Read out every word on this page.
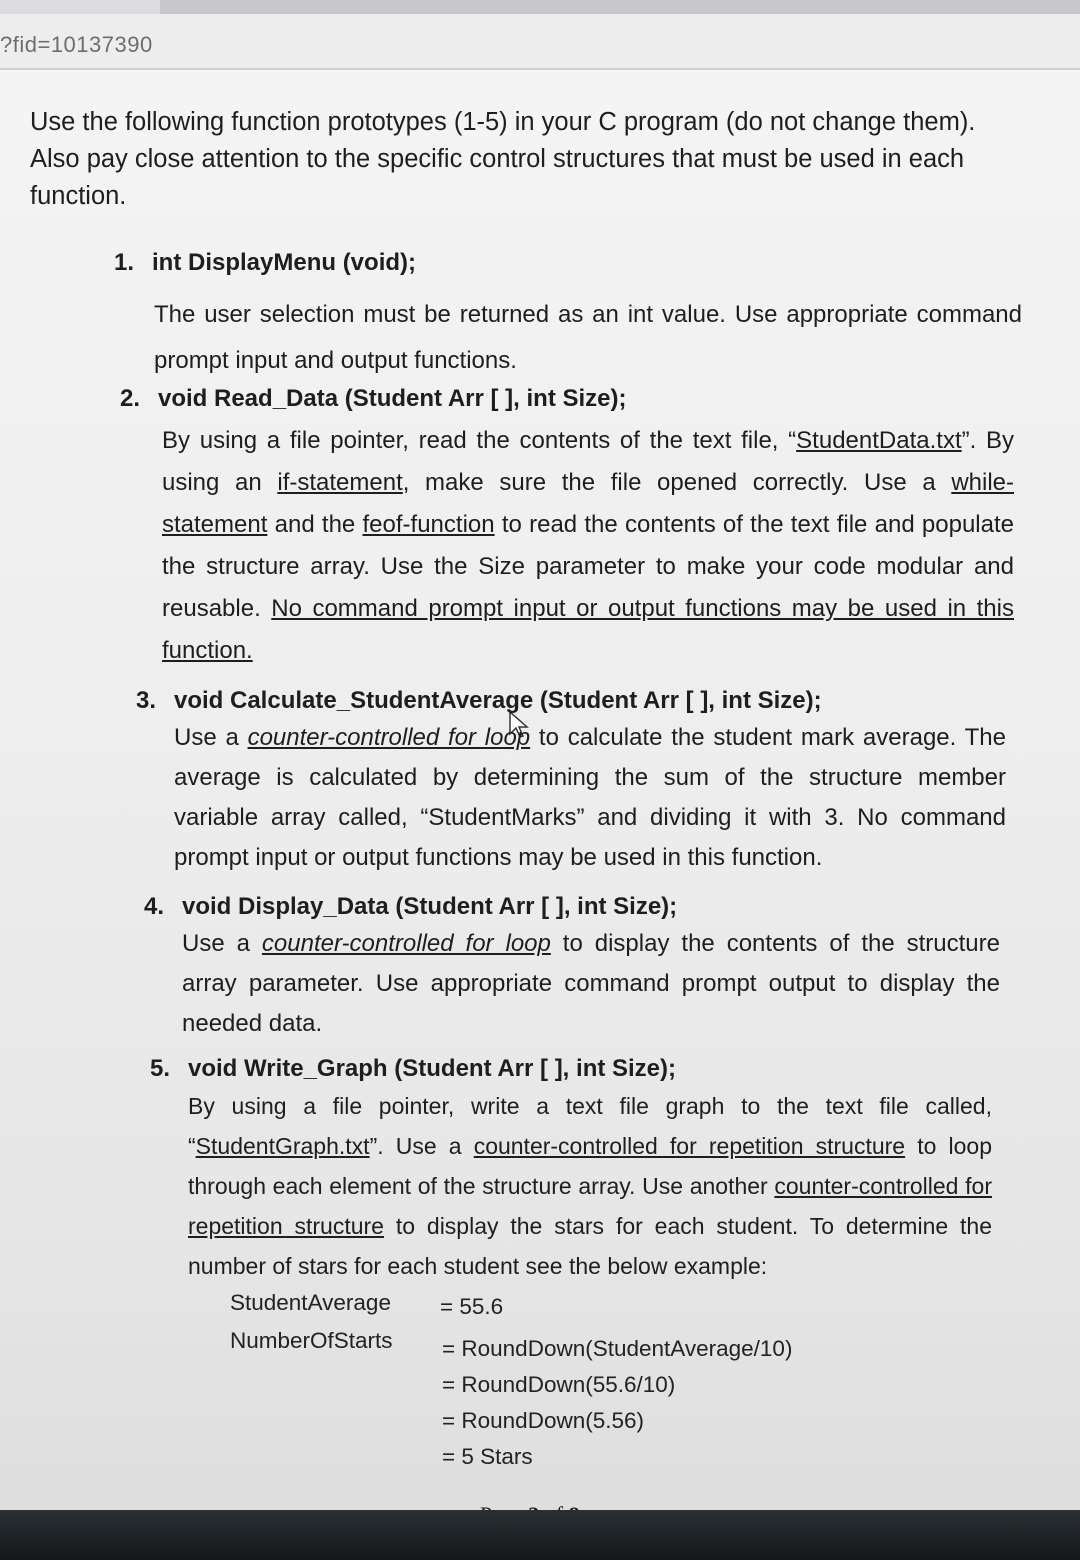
?fid=10137390
Use the following function prototypes (1-5) in your C program (do not change them). Also pay close attention to the specific control structures that must be used in each function.
1. int DisplayMenu (void);
The user selection must be returned as an int value. Use appropriate command prompt input and output functions.
2. void Read_Data (Student Arr [ ], int Size);
By using a file pointer, read the contents of the text file, “StudentData.txt”. By using an if-statement, make sure the file opened correctly. Use a while-statement and the feof-function to read the contents of the text file and populate the structure array. Use the Size parameter to make your code modular and reusable. No command prompt input or output functions may be used in this function.
3. void Calculate_StudentAverage (Student Arr [ ], int Size);
Use a counter-controlled for loop to calculate the student mark average. The average is calculated by determining the sum of the structure member variable array called, “StudentMarks” and dividing it with 3. No command prompt input or output functions may be used in this function.
4. void Display_Data (Student Arr [ ], int Size);
Use a counter-controlled for loop to display the contents of the structure array parameter. Use appropriate command prompt output to display the needed data.
5. void Write_Graph (Student Arr [ ], int Size);
By using a file pointer, write a text file graph to the text file called, “StudentGraph.txt”. Use a counter-controlled for repetition structure to loop through each element of the structure array. Use another counter-controlled for repetition structure to display the stars for each student. To determine the number of stars for each student see the below example:
StudentAverage = 55.6
NumberOfStarts = RoundDown(StudentAverage/10)
= RoundDown(55.6/10)
= RoundDown(5.56)
= 5 Stars
